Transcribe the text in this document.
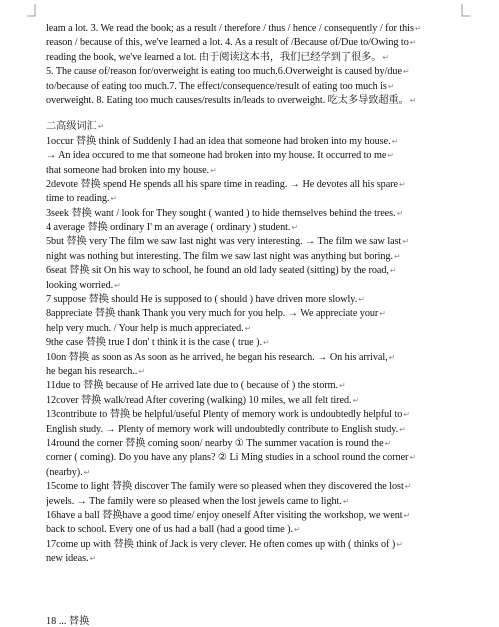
leam a lot. 3. We read the book; as a result / therefore / thus / hence / consequently / for this↵
reason / because of this, we've learned a lot. 4. As a result of /Because of/Due to/Owing to↵
reading the book, we've learned a lot. 由于阅读这本书，我们已经学到了很多。↵
5. The cause of/reason for/overweight is eating too much.6.Overweight is caused by/due↵
to/because of eating too much.7. The effect/consequence/result of eating too much is↵
overweight. 8. Eating too much causes/results in/leads to overweight. 吃太多导致超重。↵
二高级词汇↵
1occur 替换 think of Suddenly I had an idea that someone had broken into my house.↵
→ An idea occured to me that someone had broken into my house. It occurred to me↵
that someone had broken into my house.↵
2devote 替换 spend He spends all his spare time in reading. → He devotes all his spare↵
time to reading.↵
3seek 替换 want / look for They sought ( wanted ) to hide themselves behind the trees.↵
4 average 替换 ordinary I' m an average ( ordinary ) student.↵
5but 替换 very The film we saw last night was very interesting. → The film we saw last↵
night was nothing but interesting. The film we saw last night was anything but boring.↵
6seat 替换 sit On his way to school, he found an old lady seated (sitting) by the road,↵
looking worried.↵
7 suppose 替换 should He is supposed to ( should ) have driven more slowly.↵
8appreciate 替换 thank Thank you very much for you help. → We appreciate your↵
help very much. / Your help is much appreciated.↵
9the case 替换 true I don' t think it is the case ( true ).↵
10on 替换 as soon as As soon as he arrived, he began his research. → On his arrival,↵
he began his research..↵
11due to 替换 because of He arrived late due to ( because of ) the storm.↵
12cover 替换 walk/read After covering (walking) 10 miles, we all felt tired.↵
13contribute to 替换 be helpful/useful Plenty of memory work is undoubtedly helpful to↵
English study. → Plenty of memory work will undoubtedly contribute to English study.↵
14round the corner 替换 coming soon/ nearby ① The summer vacation is round the↵
corner ( coming). Do you have any plans? ② Li Ming studies in a school round the corner↵
(nearby).↵
15come to light 替换 discover The family were so pleased when they discovered the lost↵
jewels. → The family were so pleased when the lost jewels came to light.↵
16have a ball 替换have a good time/ enjoy oneself After visiting the workshop, we went↵
back to school. Every one of us had a ball (had a good time ).↵
17come up with 替换 think of Jack is very clever. He often comes up with ( thinks of )↵
new ideas.↵
18 ... 替换
